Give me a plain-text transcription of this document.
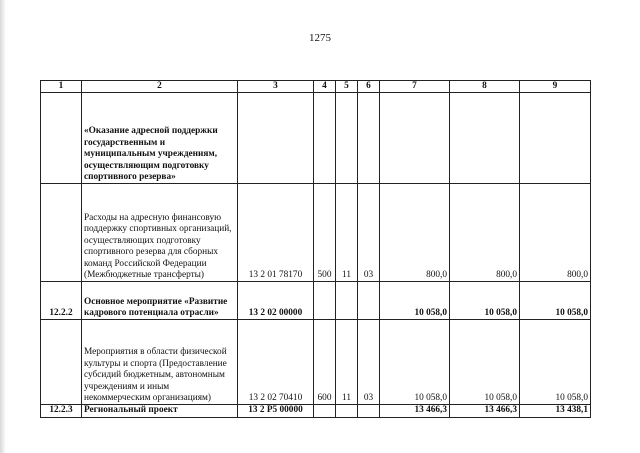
1275
1	2	3	4	5	6	7	8	9
	«Оказание адресной поддержки государственным и муниципальным учреждениям, осуществляющим подготовку спортивного резерва»							
	Расходы на адресную финансовую поддержку спортивных организаций, осуществляющих подготовку спортивного резерва для сборных команд Российской Федерации (Межбюджетные трансферты)	13 2 01 78170	500	11	03	800,0	800,0	800,0
12.2.2	Основное мероприятие «Развитие кадрового потенциала отрасли»	13 2 02 00000				10 058,0	10 058,0	10 058,0
	Мероприятия в области физической культуры и спорта (Предоставление субсидий бюджетным, автономным учреждениям и иным некоммерческим организациям)	13 2 02 70410	600	11	03	10 058,0	10 058,0	10 058,0
12.2.3	Региональный проект	13 2 P5 00000				13 466,3	13 466,3	13 438,1
